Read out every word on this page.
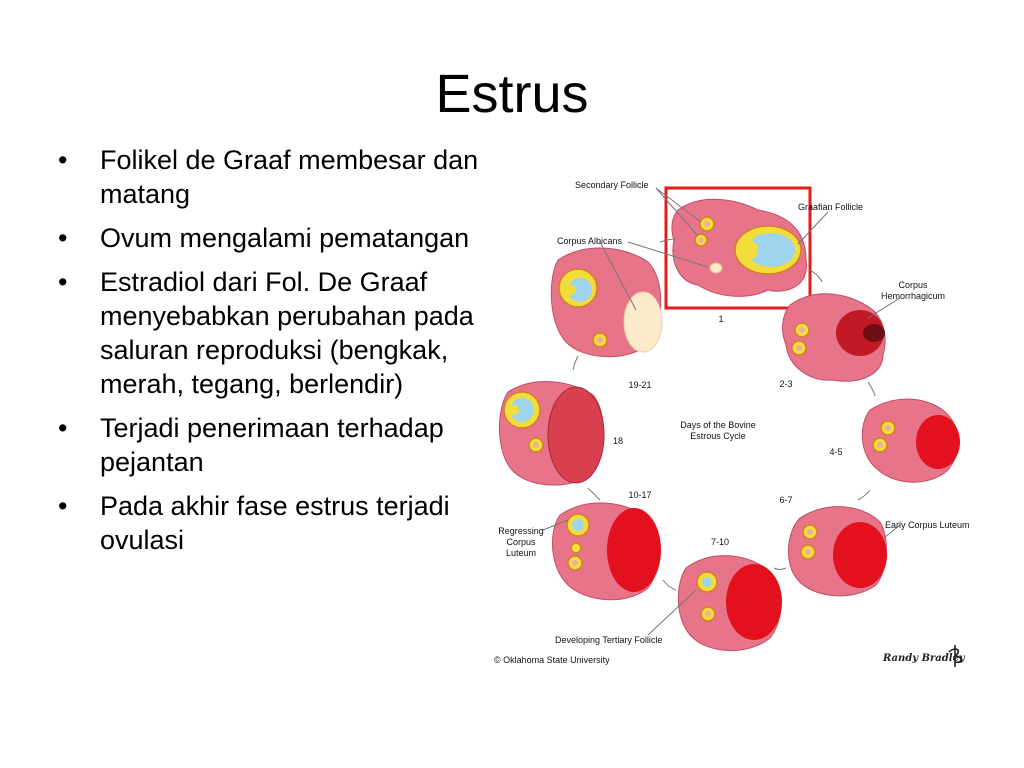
Estrus
• Folikel de Graaf membesar dan matang
• Ovum mengalami pematangan
• Estradiol dari Fol. De Graaf menyebabkan perubahan pada saluran reproduksi (bengkak, merah, tegang, berlendir)
• Terjadi penerimaan terhadap pejantan
• Pada akhir fase estrus terjadi ovulasi
Secondary Follicle
Graafian Follicle
Corpus Albicans
Corpus
Hemorrhagicum
Early Corpus Luteum
Regressing
Corpus
Luteum
Developing Tertiary Follicle
1
2-3
4-5
6-7
7-10
10-17
18
19-21
Days of the Bovine
Estrous Cycle
© Oklahoma State University	Randy Bradley
